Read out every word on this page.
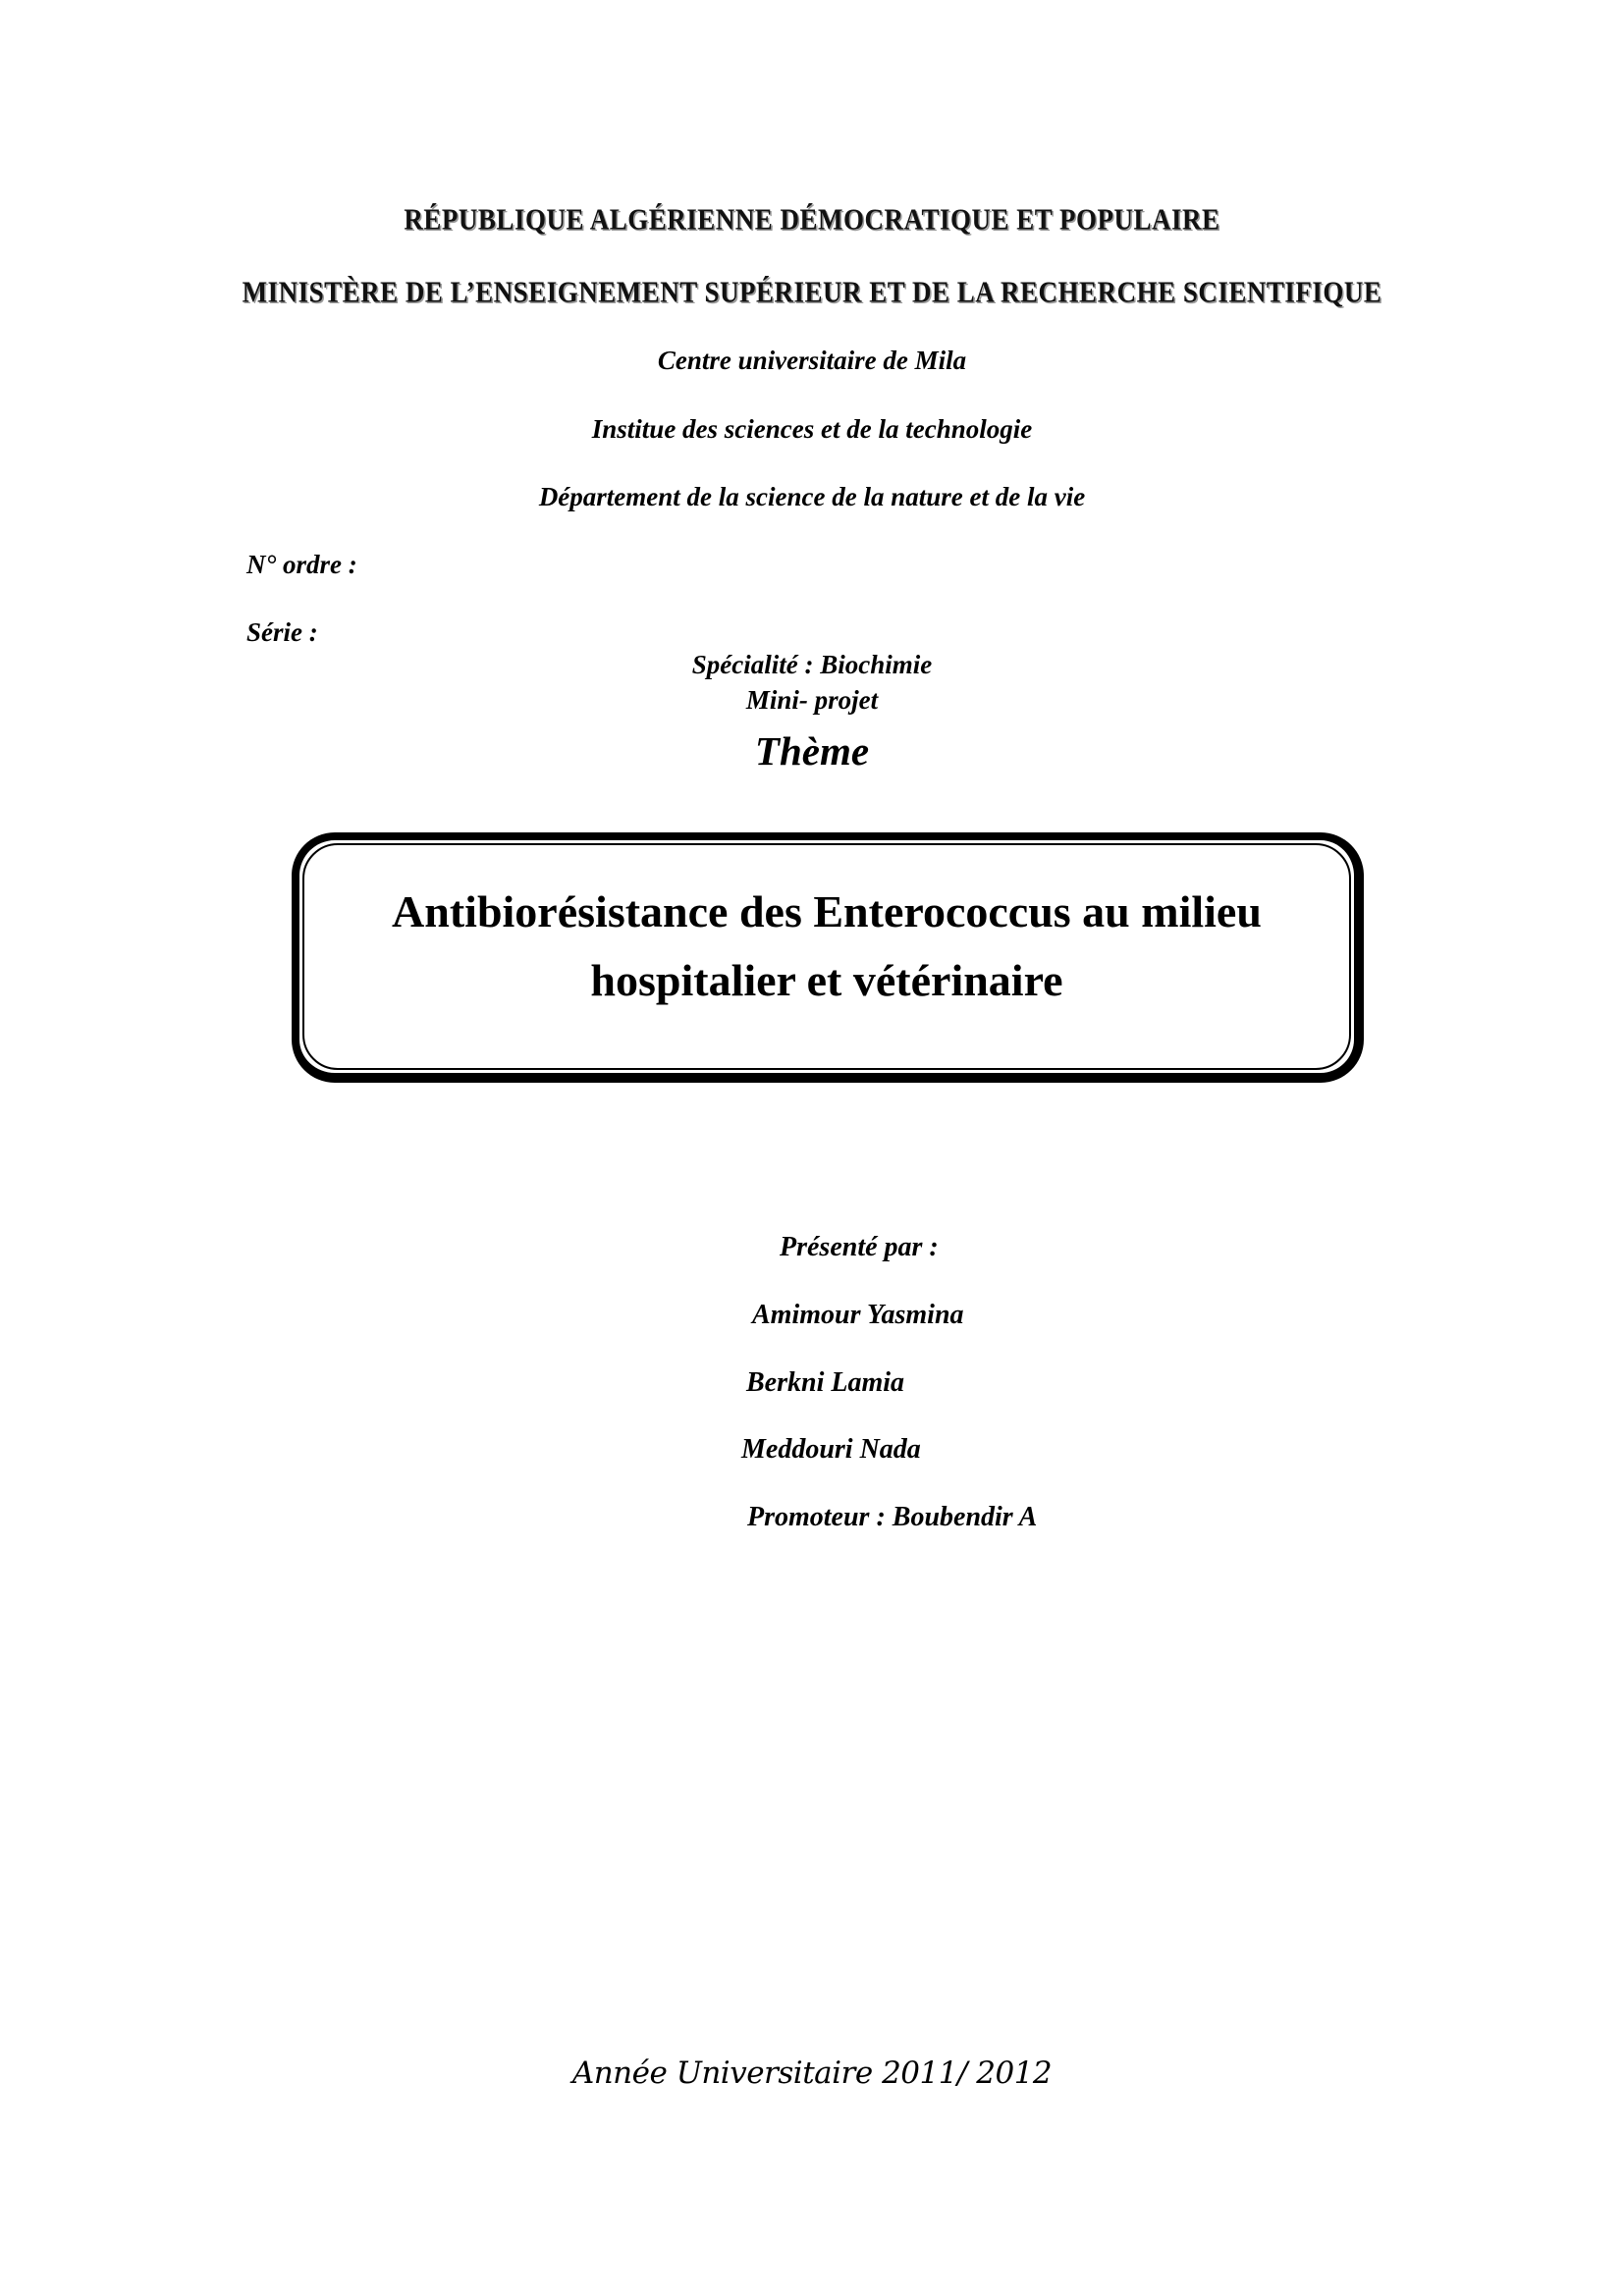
RÉPUBLIQUE ALGÉRIENNE DÉMOCRATIQUE ET POPULAIRE
MINISTÈRE DE L’ENSEIGNEMENT SUPÉRIEUR ET DE LA RECHERCHE SCIENTIFIQUE
Centre universitaire de Mila
Institue des sciences et de la technologie
Département de la science de la nature et de la vie
N° ordre :
Série :
Spécialité : Biochimie
Mini- projet
Thème
Antibiorésistance des Enterococcus au milieu
hospitalier et vétérinaire
Présenté par :
Amimour Yasmina
Berkni Lamia
Meddouri Nada
Promoteur : Boubendir A
Année Universitaire 2011/ 2012
